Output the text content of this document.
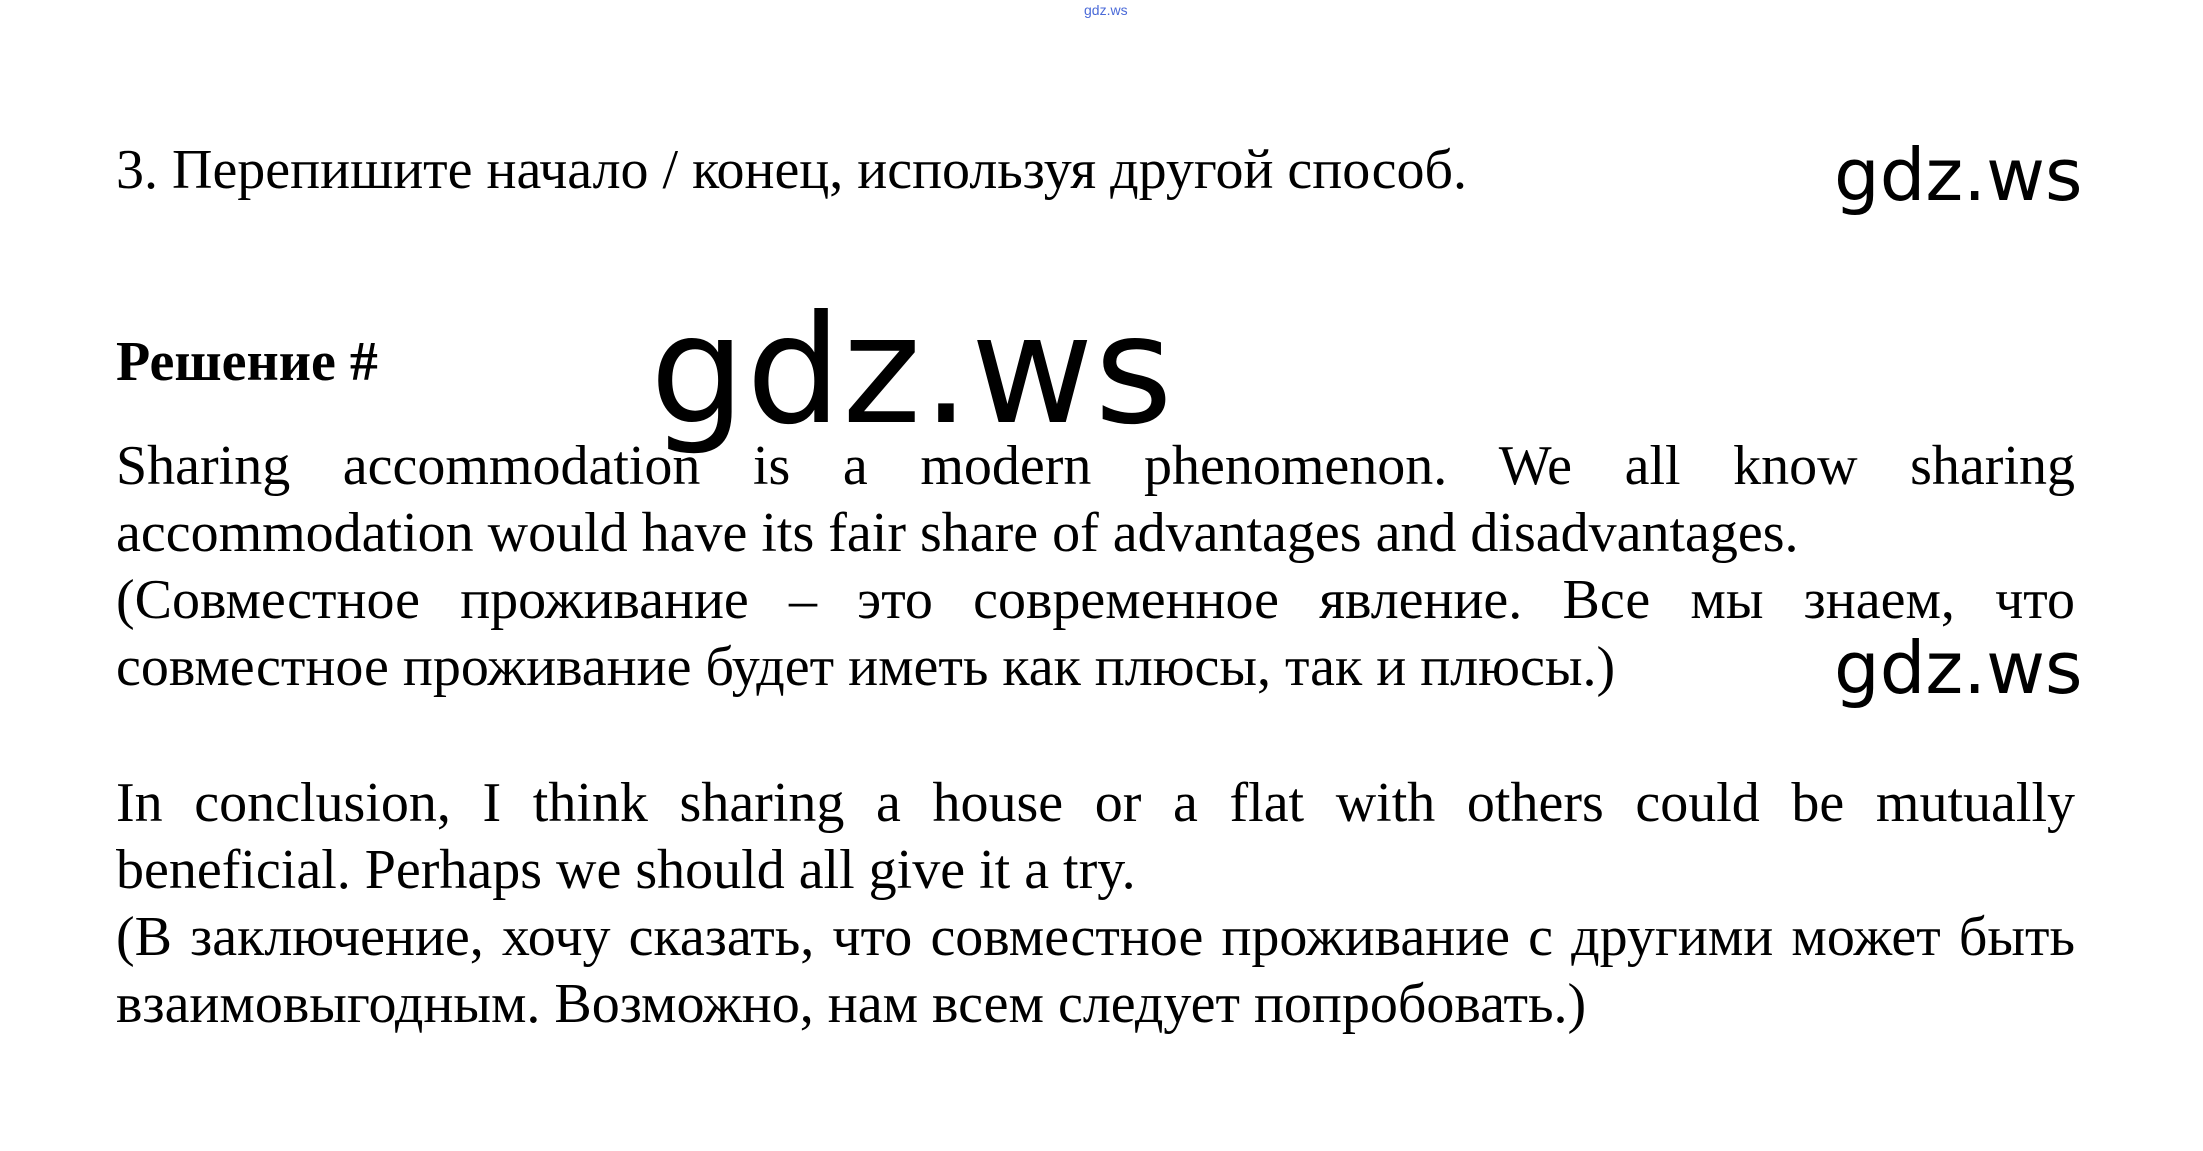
gdz.ws
3. Перепишите начало / конец, используя другой способ.	gdz.ws
Решение # gdz.ws

Sharing accommodation is a modern phenomenon. We all know sharing accommodation would have its fair share of advantages and disadvantages.

(Совместное проживание – это современное явление. Все мы знаем, что совместное проживание будет иметь как плюсы, так и плюсы.)	gdz.ws

In conclusion, I think sharing a house or a flat with others could be mutually beneficial. Perhaps we should all give it a try.

(В заключение, хочу сказать, что совместное проживание с другими может быть взаимовыгодным. Возможно, нам всем следует попробовать.)
